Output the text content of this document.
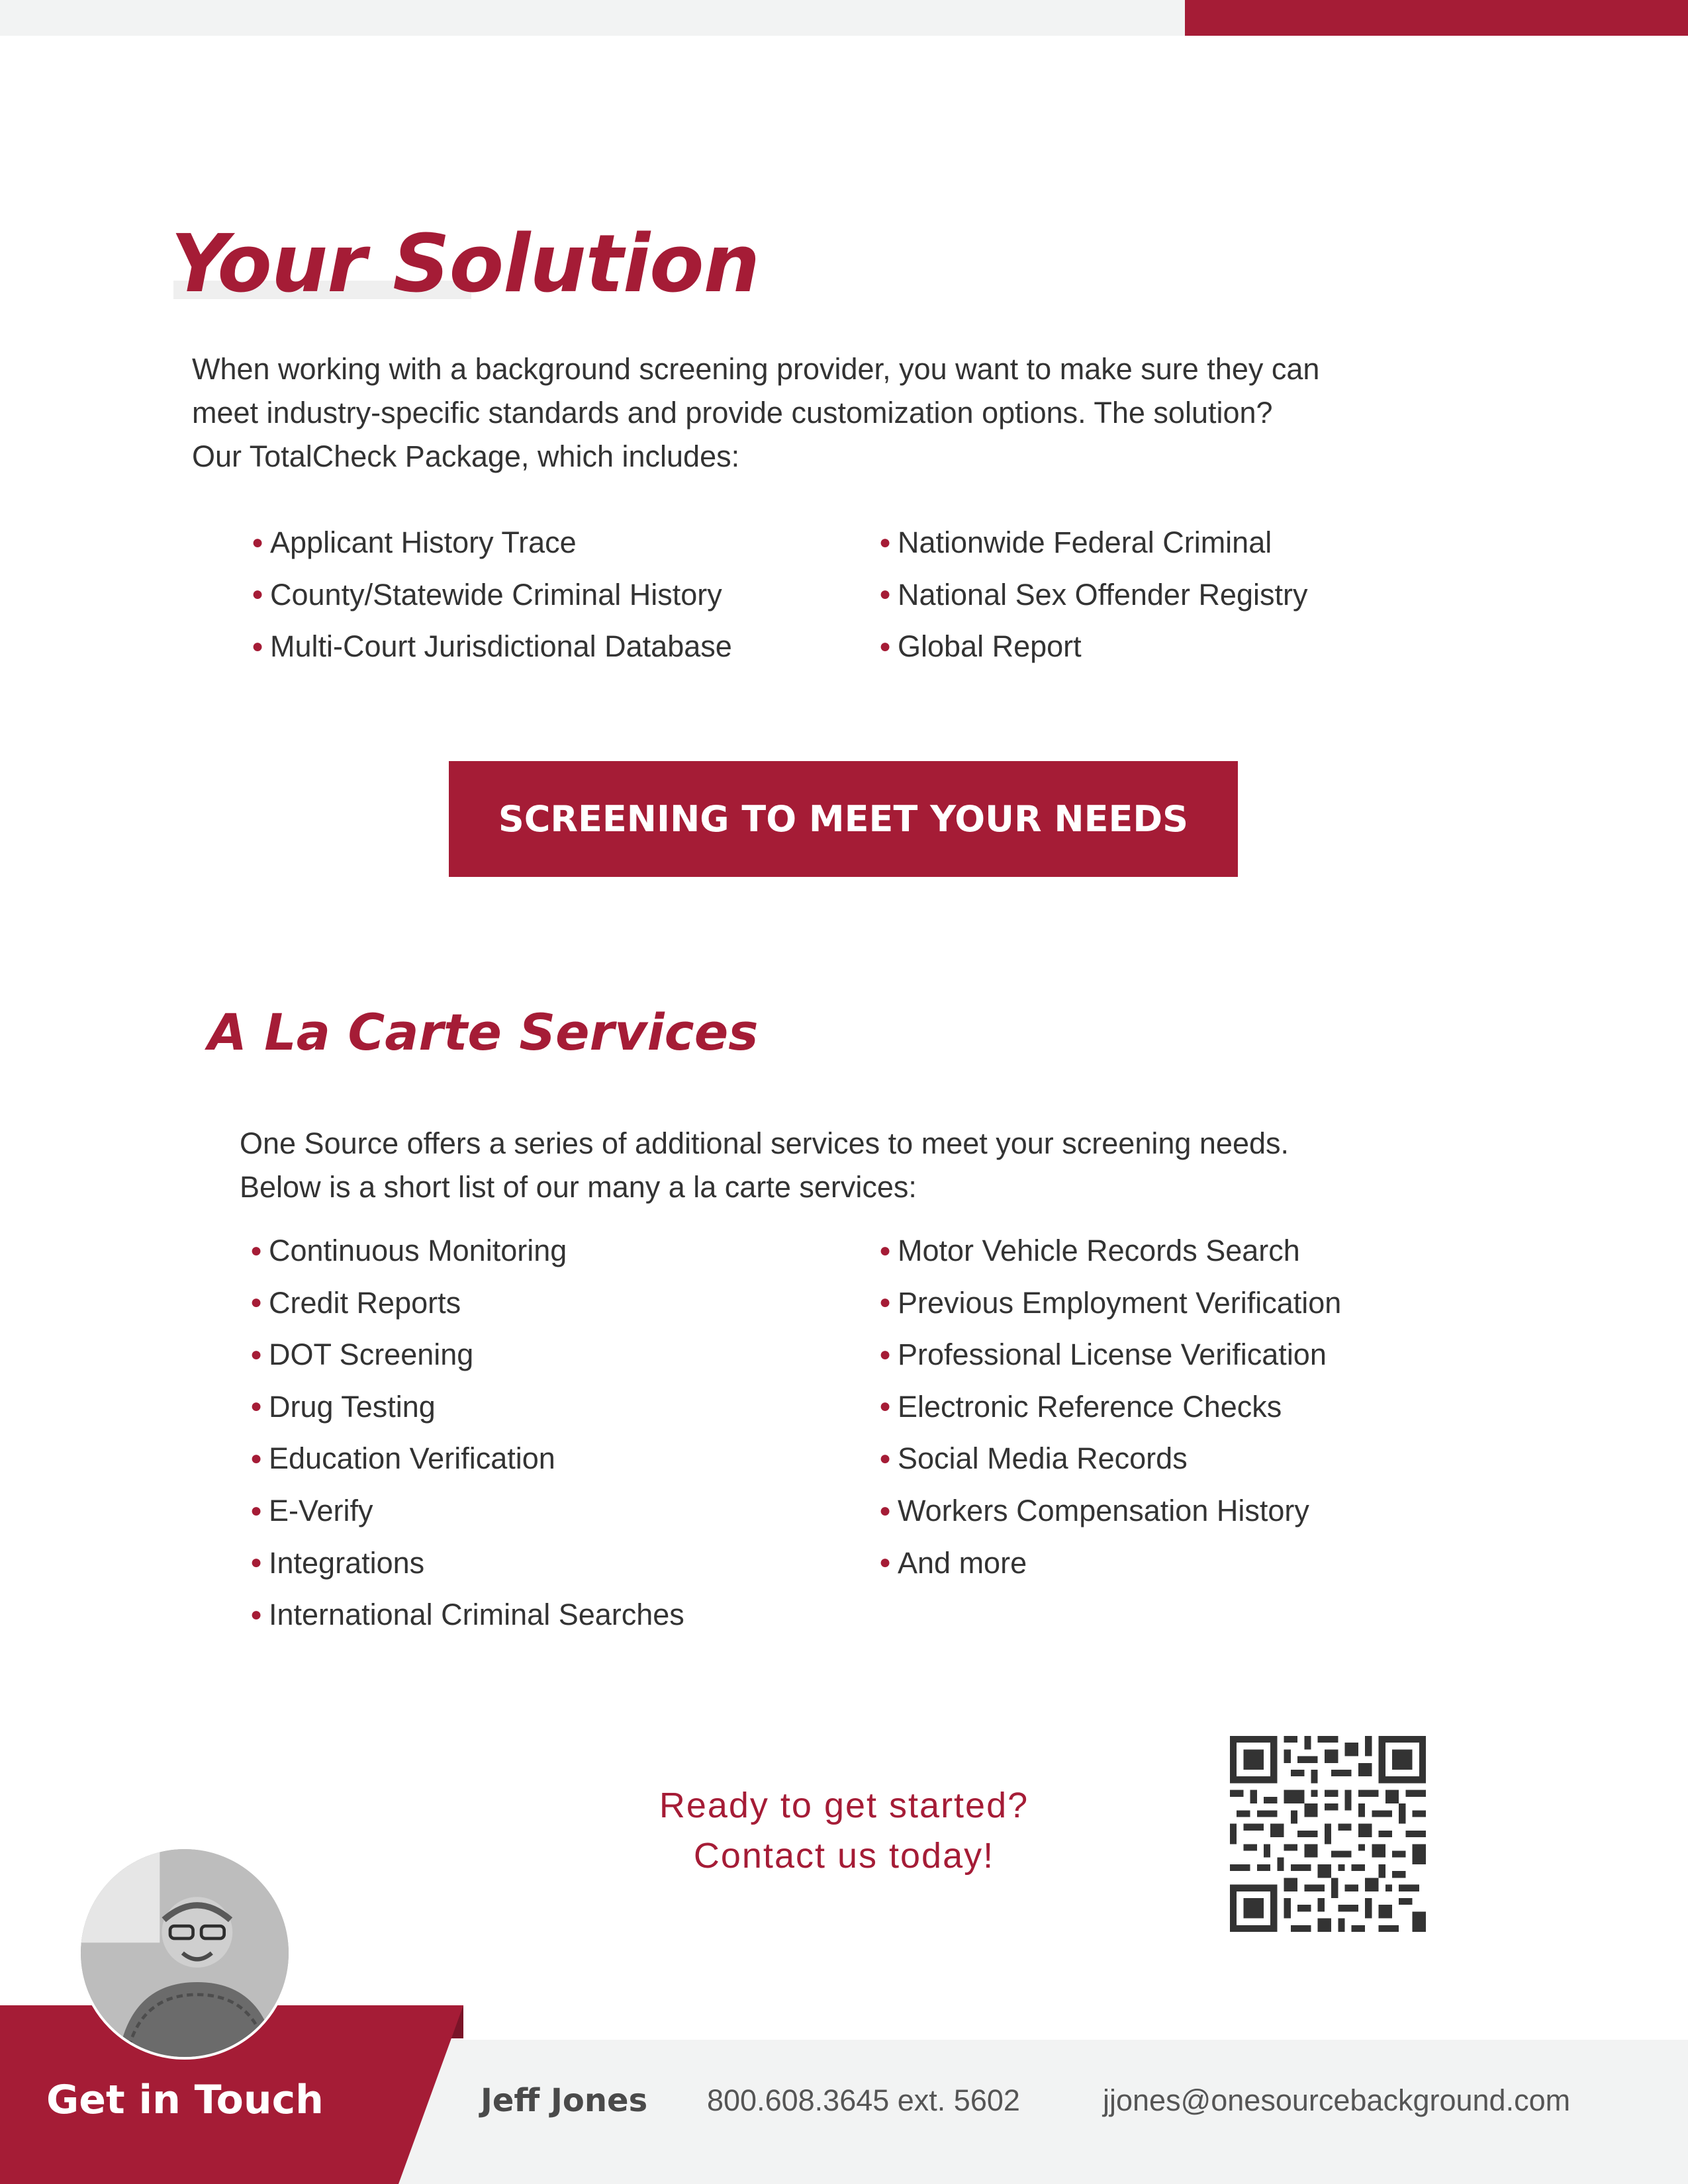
Your Solution
When working with a background screening provider, you want to make sure they can
meet industry-specific standards and provide customization options. The solution?
Our TotalCheck Package, which includes:
● Applicant History Trace
● County/Statewide Criminal History
● Multi-Court Jurisdictional Database
● Nationwide Federal Criminal
● National Sex Offender Registry
● Global Report
SCREENING TO MEET YOUR NEEDS
A La Carte Services
One Source offers a series of additional services to meet your screening needs.
Below is a short list of our many a la carte services:
● Continuous Monitoring
● Credit Reports
● DOT Screening
● Drug Testing
● Education Verification
● E-Verify
● Integrations
● International Criminal Searches
● Motor Vehicle Records Search
● Previous Employment Verification
● Professional License Verification
● Electronic Reference Checks
● Social Media Records
● Workers Compensation History
● And more
Ready to get started?
Contact us today!
Get in Touch	Jeff Jones 800.608.3645 ext. 5602	jjones@onesourcebackground.com
